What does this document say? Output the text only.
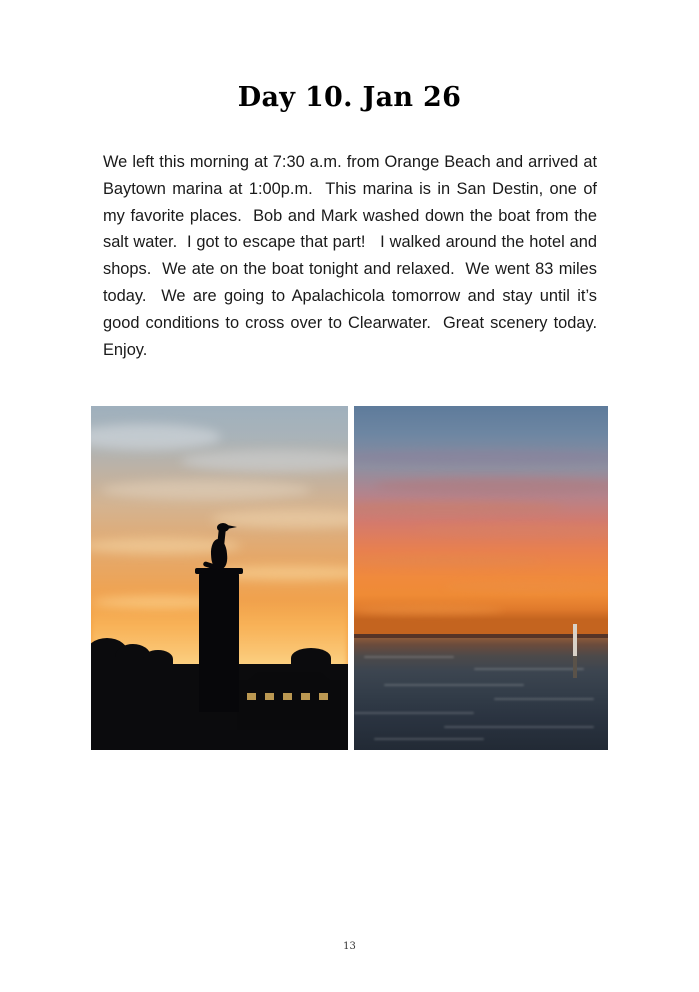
Day 10. Jan 26
We left this morning at 7:30 a.m. from Orange Beach and arrived at Baytown marina at 1:00p.m.  This marina is in San Destin, one of my favorite places.  Bob and Mark washed down the boat from the salt water.  I got to escape that part!   I walked around the hotel and shops.  We ate on the boat tonight and relaxed.  We went 83 miles today.  We are going to Apalachicola tomorrow and stay until it’s good conditions to cross over to Clearwater.  Great scenery today.  Enjoy.
13
